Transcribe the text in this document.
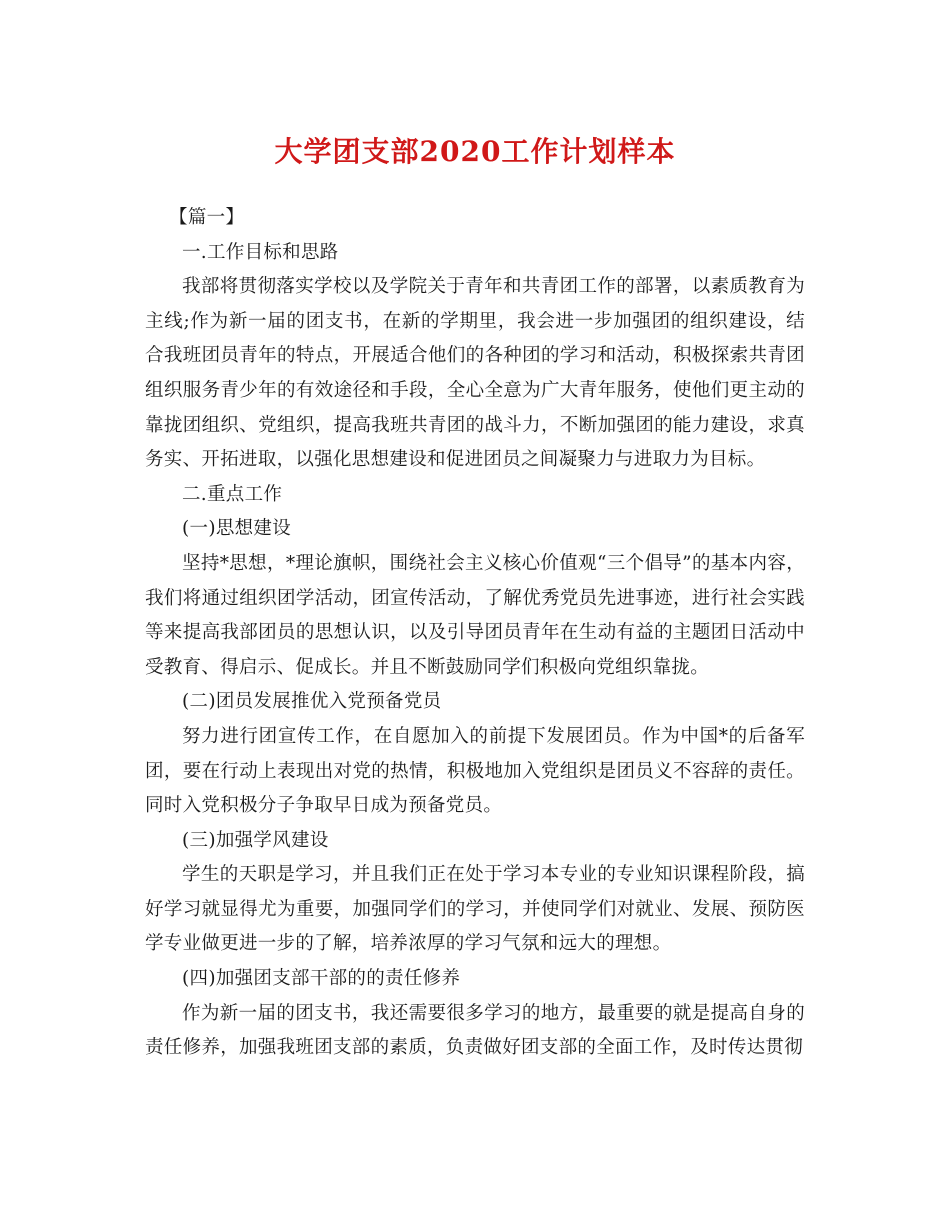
大学团支部2020工作计划样本

【篇一】

一.工作目标和思路

我部将贯彻落实学校以及学院关于青年和共青团工作的部署，以素质教育为主线;作为新一届的团支书，在新的学期里，我会进一步加强团的组织建设，结合我班团员青年的特点，开展适合他们的各种团的学习和活动，积极探索共青团组织服务青少年的有效途径和手段，全心全意为广大青年服务，使他们更主动的靠拢团组织、党组织，提高我班共青团的战斗力，不断加强团的能力建设，求真务实、开拓进取，以强化思想建设和促进团员之间凝聚力与进取力为目标。

二.重点工作

(一)思想建设

坚持*思想，*理论旗帜，围绕社会主义核心价值观“三个倡导”的基本内容，我们将通过组织团学活动，团宣传活动，了解优秀党员先进事迹，进行社会实践等来提高我部团员的思想认识，以及引导团员青年在生动有益的主题团日活动中受教育、得启示、促成长。并且不断鼓励同学们积极向党组织靠拢。

(二)团员发展推优入党预备党员

努力进行团宣传工作，在自愿加入的前提下发展团员。作为中国*的后备军团，要在行动上表现出对党的热情，积极地加入党组织是团员义不容辞的责任。同时入党积极分子争取早日成为预备党员。

(三)加强学风建设

学生的天职是学习，并且我们正在处于学习本专业的专业知识课程阶段，搞好学习就显得尤为重要，加强同学们的学习，并使同学们对就业、发展、预防医学专业做更进一步的了解，培养浓厚的学习气氛和远大的理想。

(四)加强团支部干部的的责任修养

作为新一届的团支书，我还需要很多学习的地方，最重要的就是提高自身的责任修养，加强我班团支部的素质，负责做好团支部的全面工作，及时传达贯彻
